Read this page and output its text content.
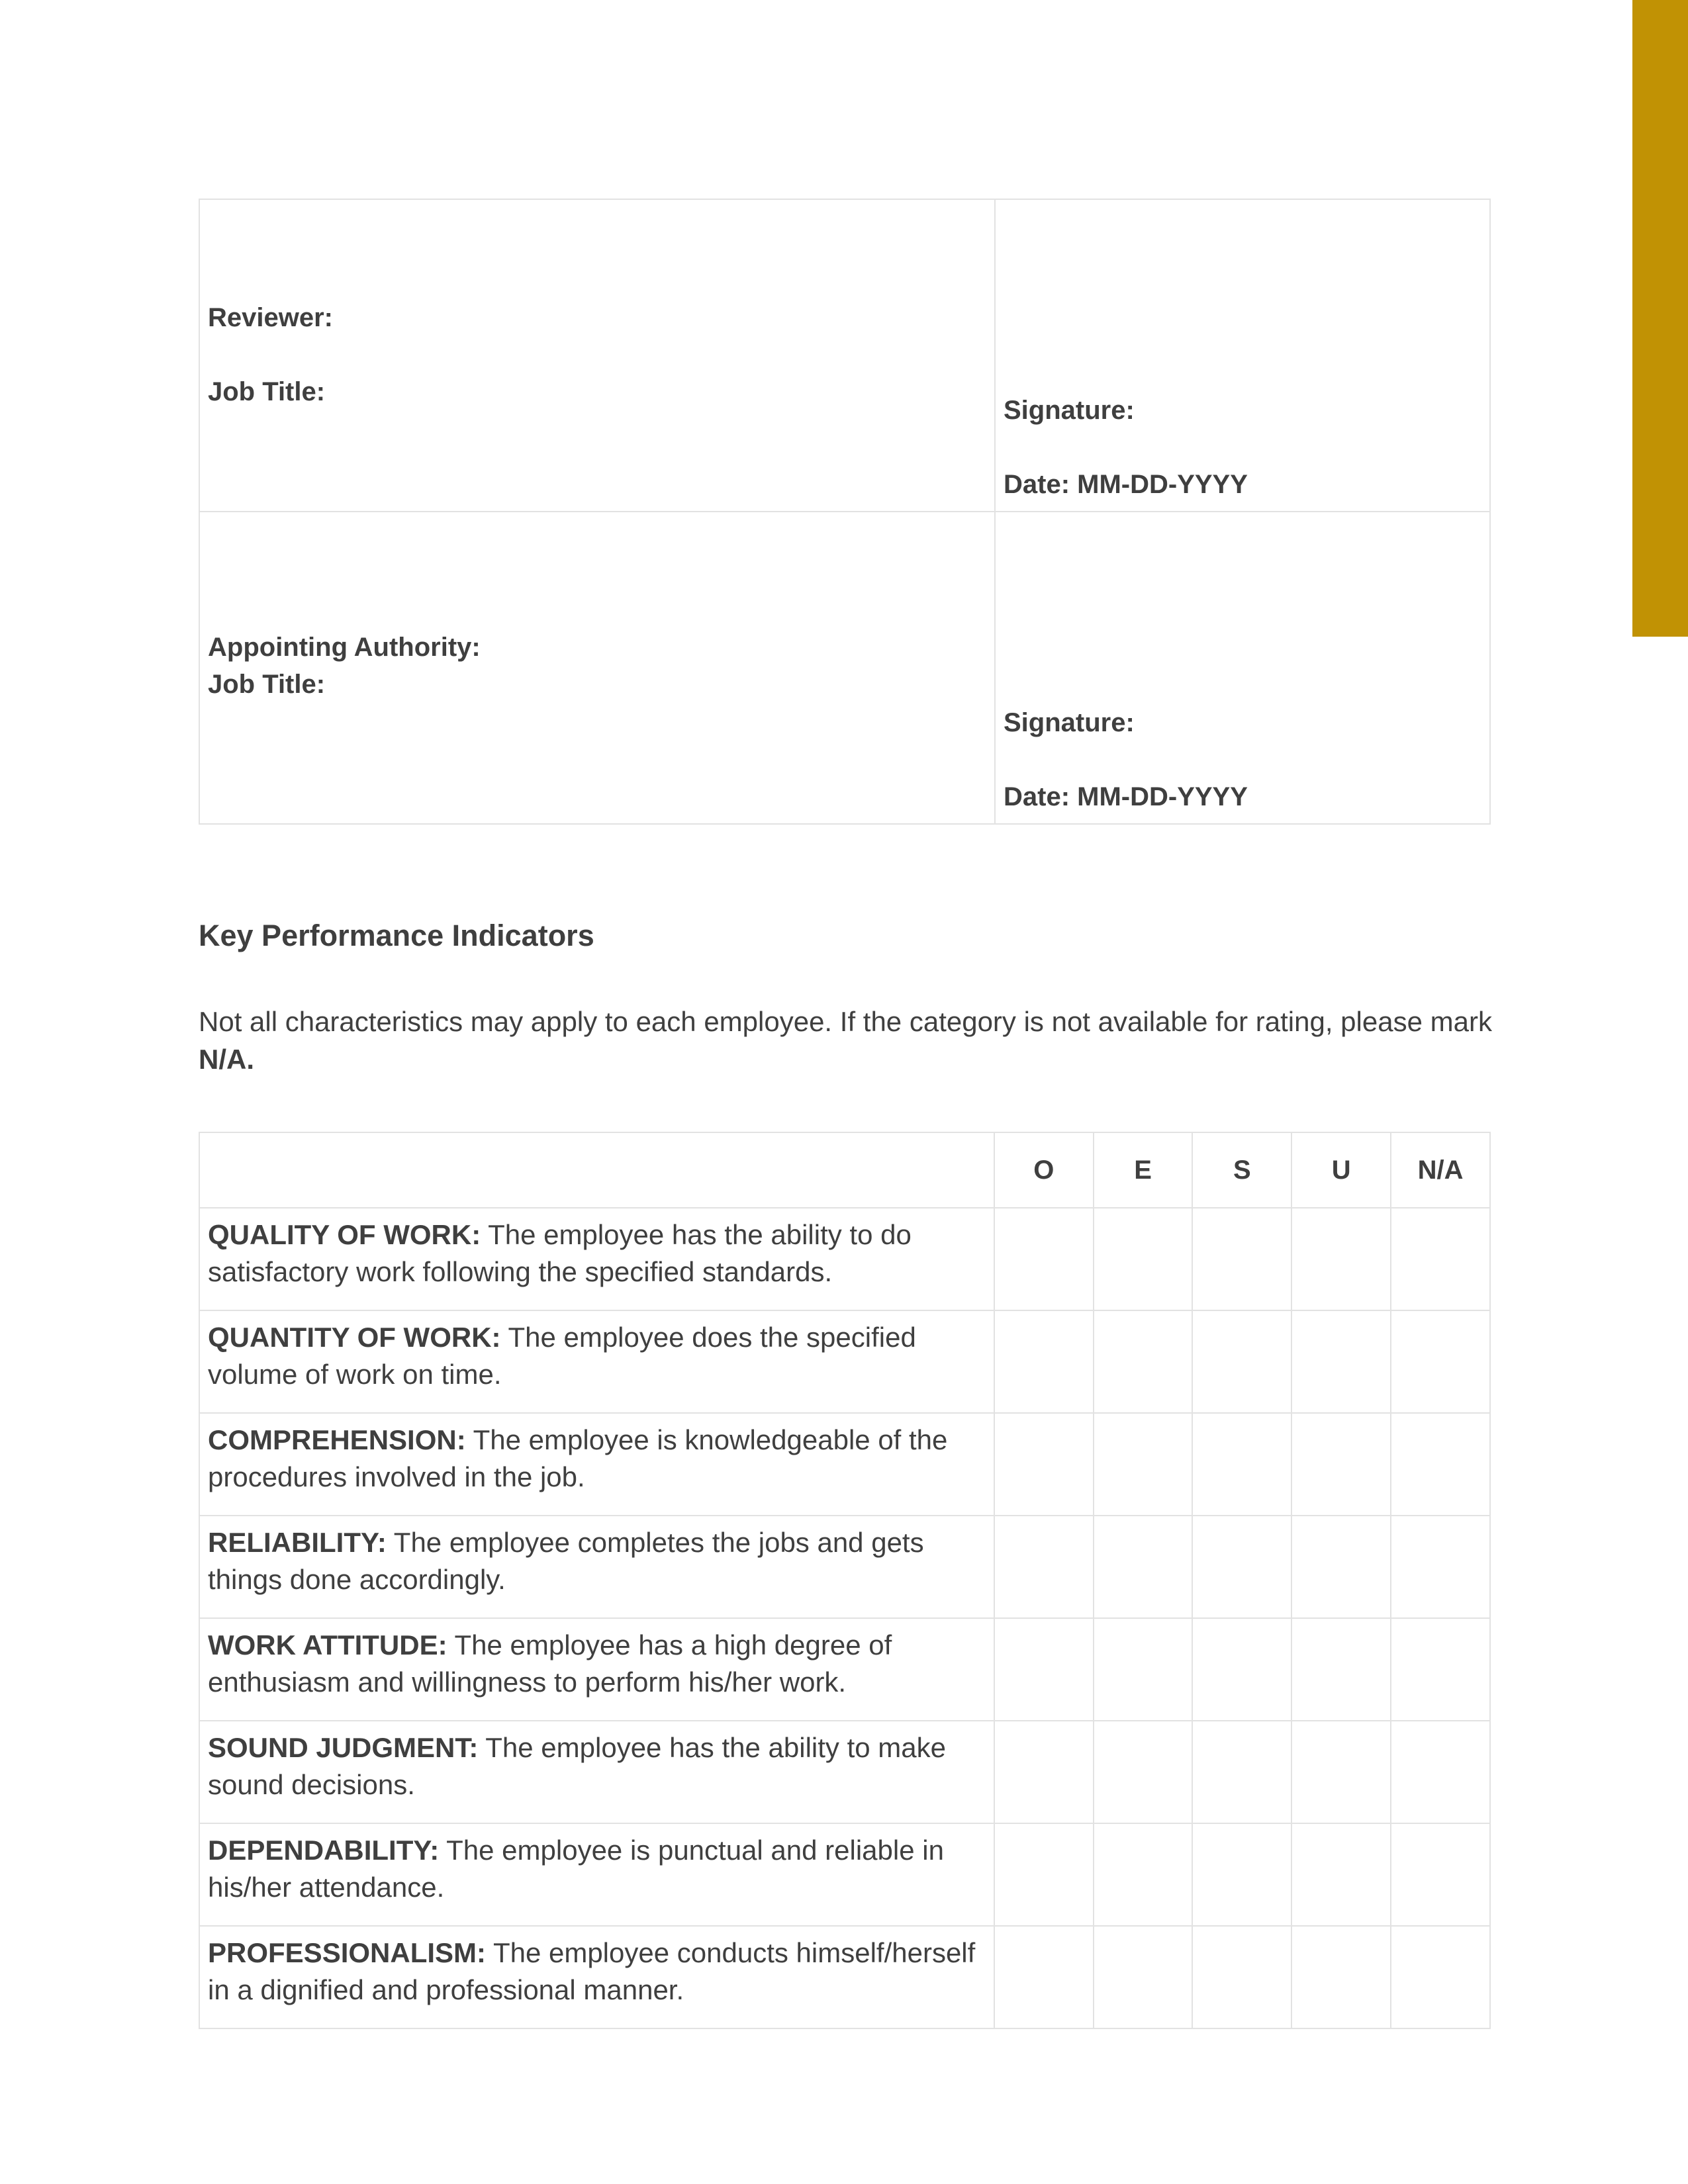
Reviewer:
Job Title:	Signature:
Date: MM-DD-YYYY

Appointing Authority:
Job Title:	Signature:
Date: MM-DD-YYYY
Key Performance Indicators

Not all characteristics may apply to each employee. If the category is not available for rating, please mark
N/A.

	O	E	S	U	N/A
QUALITY OF WORK: The employee has the ability to do satisfactory work following the specified standards.					
QUANTITY OF WORK: The employee does the specified volume of work on time.					
COMPREHENSION: The employee is knowledgeable of the procedures involved in the job.					
RELIABILITY: The employee completes the jobs and gets things done accordingly.					
WORK ATTITUDE: The employee has a high degree of enthusiasm and willingness to perform his/her work.					
SOUND JUDGMENT: The employee has the ability to make sound decisions.					
DEPENDABILITY: The employee is punctual and reliable in his/her attendance.					
PROFESSIONALISM: The employee conducts himself/herself in a dignified and professional manner.					
